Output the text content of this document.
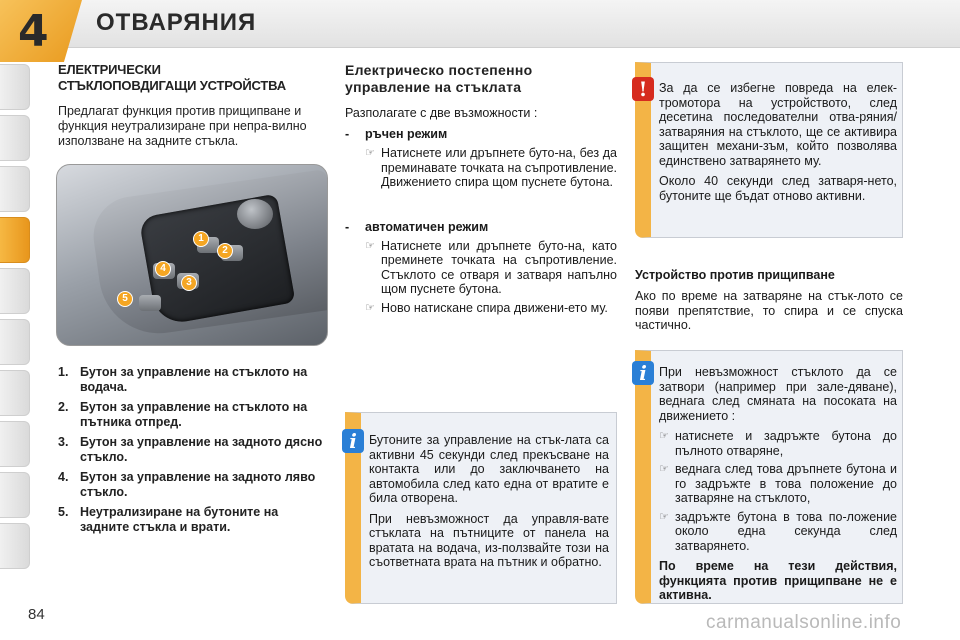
4 ОТВАРЯНИЯ
ЕЛЕКТРИЧЕСКИ
СТЪКЛОПОВДИГАЩИ УСТРОЙСТВА

Предлагат функция против прищипване и функция неутрализиране при непра-вилно използване на задните стъкла.

1
2
3
4
5
1. Бутон за управление на стъклото на водача.
2. Бутон за управление на стъклото на пътника отпред.
3. Бутон за управление на задното дясно стъкло.
4. Бутон за управление на задното ляво стъкло.
5. Неутрализиране на бутоните на задните стъкла и врати.
Електрическо постепенно
управление на стъклата
Разполагате с две възможности :
-	ръчен режим
☞ Натиснете или дръпнете буто-на, без да преминавате точката на съпротивление. Движението спира щом пуснете бутона.
-	автоматичен режим
☞ Натиснете или дръпнете буто-на, като преминете точката на съпротивление. Стъклото се отваря и затваря напълно щом пуснете бутона.
☞ Ново натискане спира движени-ето му.
i Бутоните за управление на стък-лата са активни 45 секунди след прекъсване на контакта или до заключването на автомобила след като една от вратите е била отворена.
При невъзможност да управля-вате стъклата на пътниците от панела на вратата на водача, из-ползвайте този на съответната врата на пътник и обратно.
! За да се избегне повреда на елек-тромотора на устройството, след десетина последователни отва-ряния/затваряния на стъклото, ще се активира защитен механи-зъм, който позволява единствено затварянето му.
Около 40 секунди след затваря-нето, бутоните ще бъдат отново активни.
Устройство против прищипване

Ако по време на затваряне на стък-лото се появи препятствие, то спира и се спуска частично.

i При невъзможност стъклото да се затвори (например при зале-дяване), веднага след смяната на посоката на движението :
☞ натиснете и задръжте бутона до пълното отваряне,
☞ веднага след това дръпнете бутона и го задръжте в това положение до затваряне на стъклото,
☞ задръжте бутона в това по-ложение около една секунда след затварянето.
По време на тези действия, функцията против прищипване не е активна.
84	carmanualsonline.info
